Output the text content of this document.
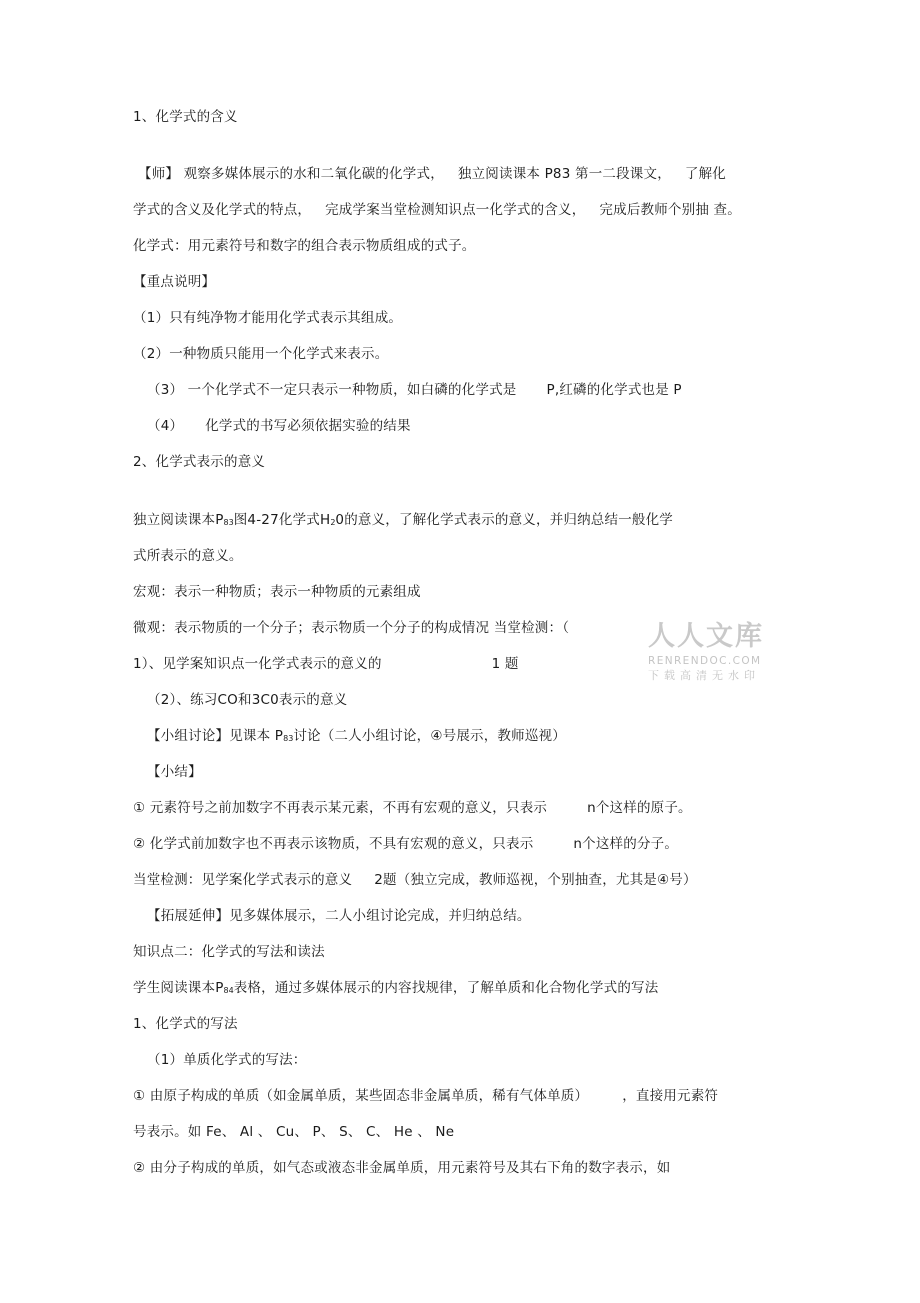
1、化学式的含义
【师】 观察多媒体展示的水和二氧化碳的化学式， 独立阅读课本 P83 第一二段课文， 了解化
学式的含义及化学式的特点， 完成学案当堂检测知识点一化学式的含义， 完成后教师个别抽 查。
化学式：用元素符号和数字的组合表示物质组成的式子。
【重点说明】
（1）只有纯净物才能用化学式表示其组成。
（2）一种物质只能用一个化学式来表示。
（3） 一个化学式不一定只表示一种物质，如白磷的化学式是 P,红磷的化学式也是 P
（4） 化学式的书写必须依据实验的结果
2、化学式表示的意义
独立阅读课本P83图4-27化学式H20的意义，了解化学式表示的意义，并归纳总结一般化学
式所表示的意义。
宏观：表示一种物质；表示一种物质的元素组成
微观：表示物质的一个分子；表示物质一个分子的构成情况 当堂检测：（
1）、见学案知识点一化学式表示的意义的	1 题
（2）、练习CO和3C0表示的意义
【小组讨论】见课本 P83讨论（二人小组讨论，④号展示，教师巡视）
【小结】
① 元素符号之前加数字不再表示某元素，不再有宏观的意义，只表示	n个这样的原子。
② 化学式前加数字也不再表示该物质，不具有宏观的意义，只表示	n个这样的分子。
当堂检测：见学案化学式表示的意义 2题（独立完成，教师巡视，个别抽查，尤其是④号）
【拓展延伸】见多媒体展示，二人小组讨论完成，并归纳总结。
知识点二：化学式的写法和读法
学生阅读课本P84表格，通过多媒体展示的内容找规律，了解单质和化合物化学式的写法
1、化学式的写法
（1）单质化学式的写法：
① 由原子构成的单质（如金属单质，某些固态非金属单质，稀有气体单质）	，直接用元素符
号表示。如 Fe、 Al 、 Cu、 P、 S、 C、 He 、 Ne
② 由分子构成的单质，如气态或液态非金属单质，用元素符号及其右下角的数字表示，如
人人文库
RENRENDOC.COM
下载高清无水印
